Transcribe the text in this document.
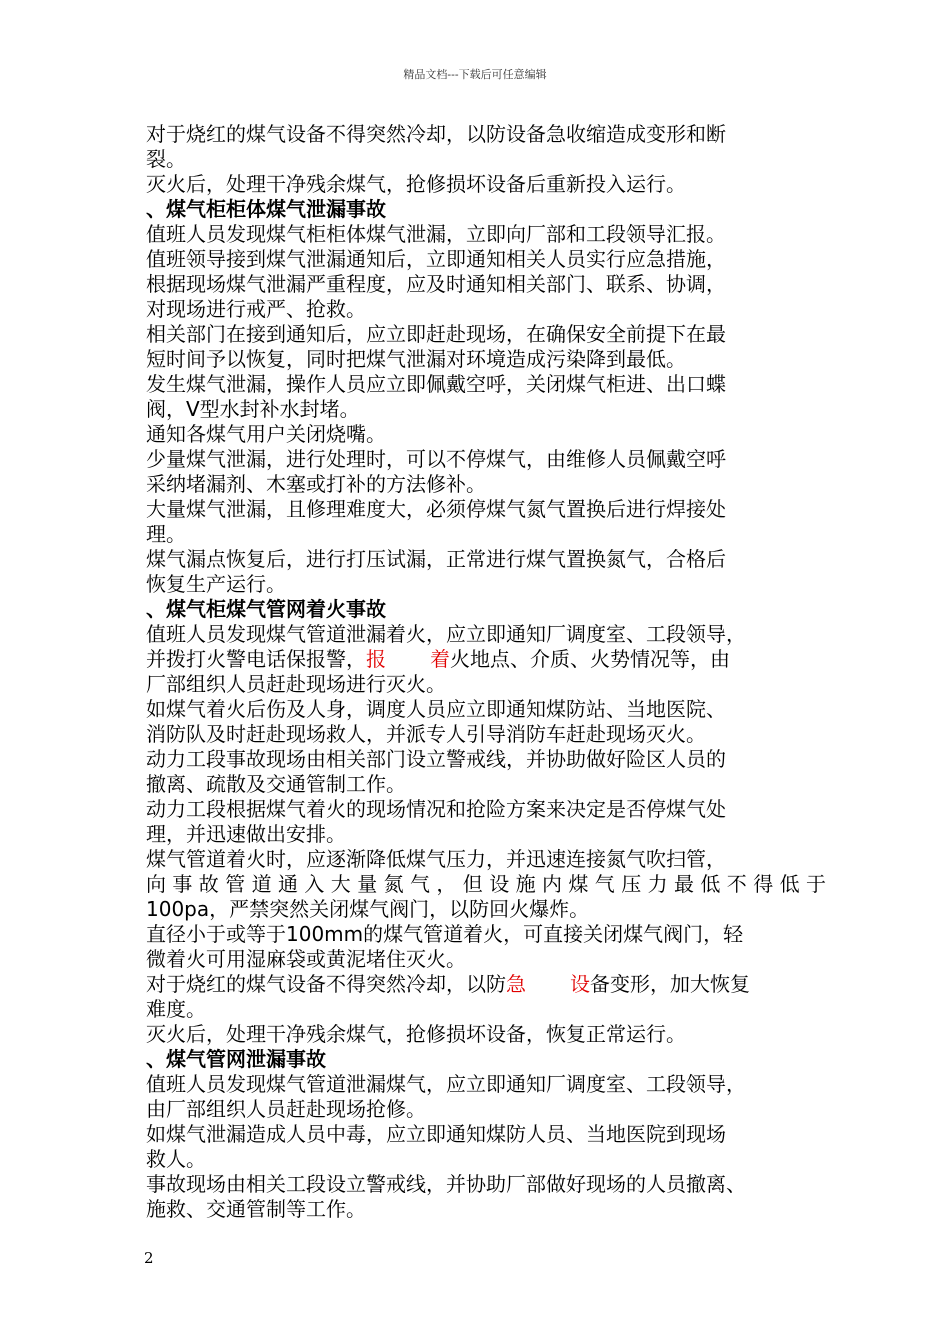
精品文档---下载后可任意编辑
对于烧红的煤气设备不得突然冷却，以防设备急收缩造成变形和断
裂。
灭火后，处理干净残余煤气，抢修损坏设备后重新投入运行。
、煤气柜柜体煤气泄漏事故
值班人员发现煤气柜柜体煤气泄漏，立即向厂部和工段领导汇报。
值班领导接到煤气泄漏通知后，立即通知相关人员实行应急措施，
根据现场煤气泄漏严重程度，应及时通知相关部门、联系、协调，
对现场进行戒严、抢救。
相关部门在接到通知后，应立即赶赴现场，在确保安全前提下在最
短时间予以恢复，同时把煤气泄漏对环境造成污染降到最低。
发生煤气泄漏，操作人员应立即佩戴空呼，关闭煤气柜进、出口蝶
阀，V型水封补水封堵。
通知各煤气用户关闭烧嘴。
少量煤气泄漏，进行处理时，可以不停煤气，由维修人员佩戴空呼
采纳堵漏剂、木塞或打补的方法修补。
大量煤气泄漏，且修理难度大，必须停煤气氮气置换后进行焊接处
理。
煤气漏点恢复后，进行打压试漏，正常进行煤气置换氮气，合格后
恢复生产运行。
、煤气柜煤气管网着火事故
值班人员发现煤气管道泄漏着火，应立即通知厂调度室、工段领导，
并拨打火警电话保报警，报 着火地点、介质、火势情况等，由
厂部组织人员赶赴现场进行灭火。
如煤气着火后伤及人身，调度人员应立即通知煤防站、当地医院、
消防队及时赶赴现场救人，并派专人引导消防车赶赴现场灭火。
动力工段事故现场由相关部门设立警戒线，并协助做好险区人员的
撤离、疏散及交通管制工作。
动力工段根据煤气着火的现场情况和抢险方案来决定是否停煤气处
理，并迅速做出安排。
煤气管道着火时，应逐渐降低煤气压力，并迅速连接氮气吹扫管，
向事故管道通入大量氮气，但设施内煤气压力最低不得低于
100pa，严禁突然关闭煤气阀门，以防回火爆炸。
直径小于或等于100mm的煤气管道着火，可直接关闭煤气阀门，轻
微着火可用湿麻袋或黄泥堵住灭火。
对于烧红的煤气设备不得突然冷却，以防急 设备变形，加大恢复
难度。
灭火后，处理干净残余煤气，抢修损坏设备，恢复正常运行。
、煤气管网泄漏事故
值班人员发现煤气管道泄漏煤气，应立即通知厂调度室、工段领导，
由厂部组织人员赶赴现场抢修。
如煤气泄漏造成人员中毒，应立即通知煤防人员、当地医院到现场
救人。
事故现场由相关工段设立警戒线，并协助厂部做好现场的人员撤离、
施救、交通管制等工作。
2
